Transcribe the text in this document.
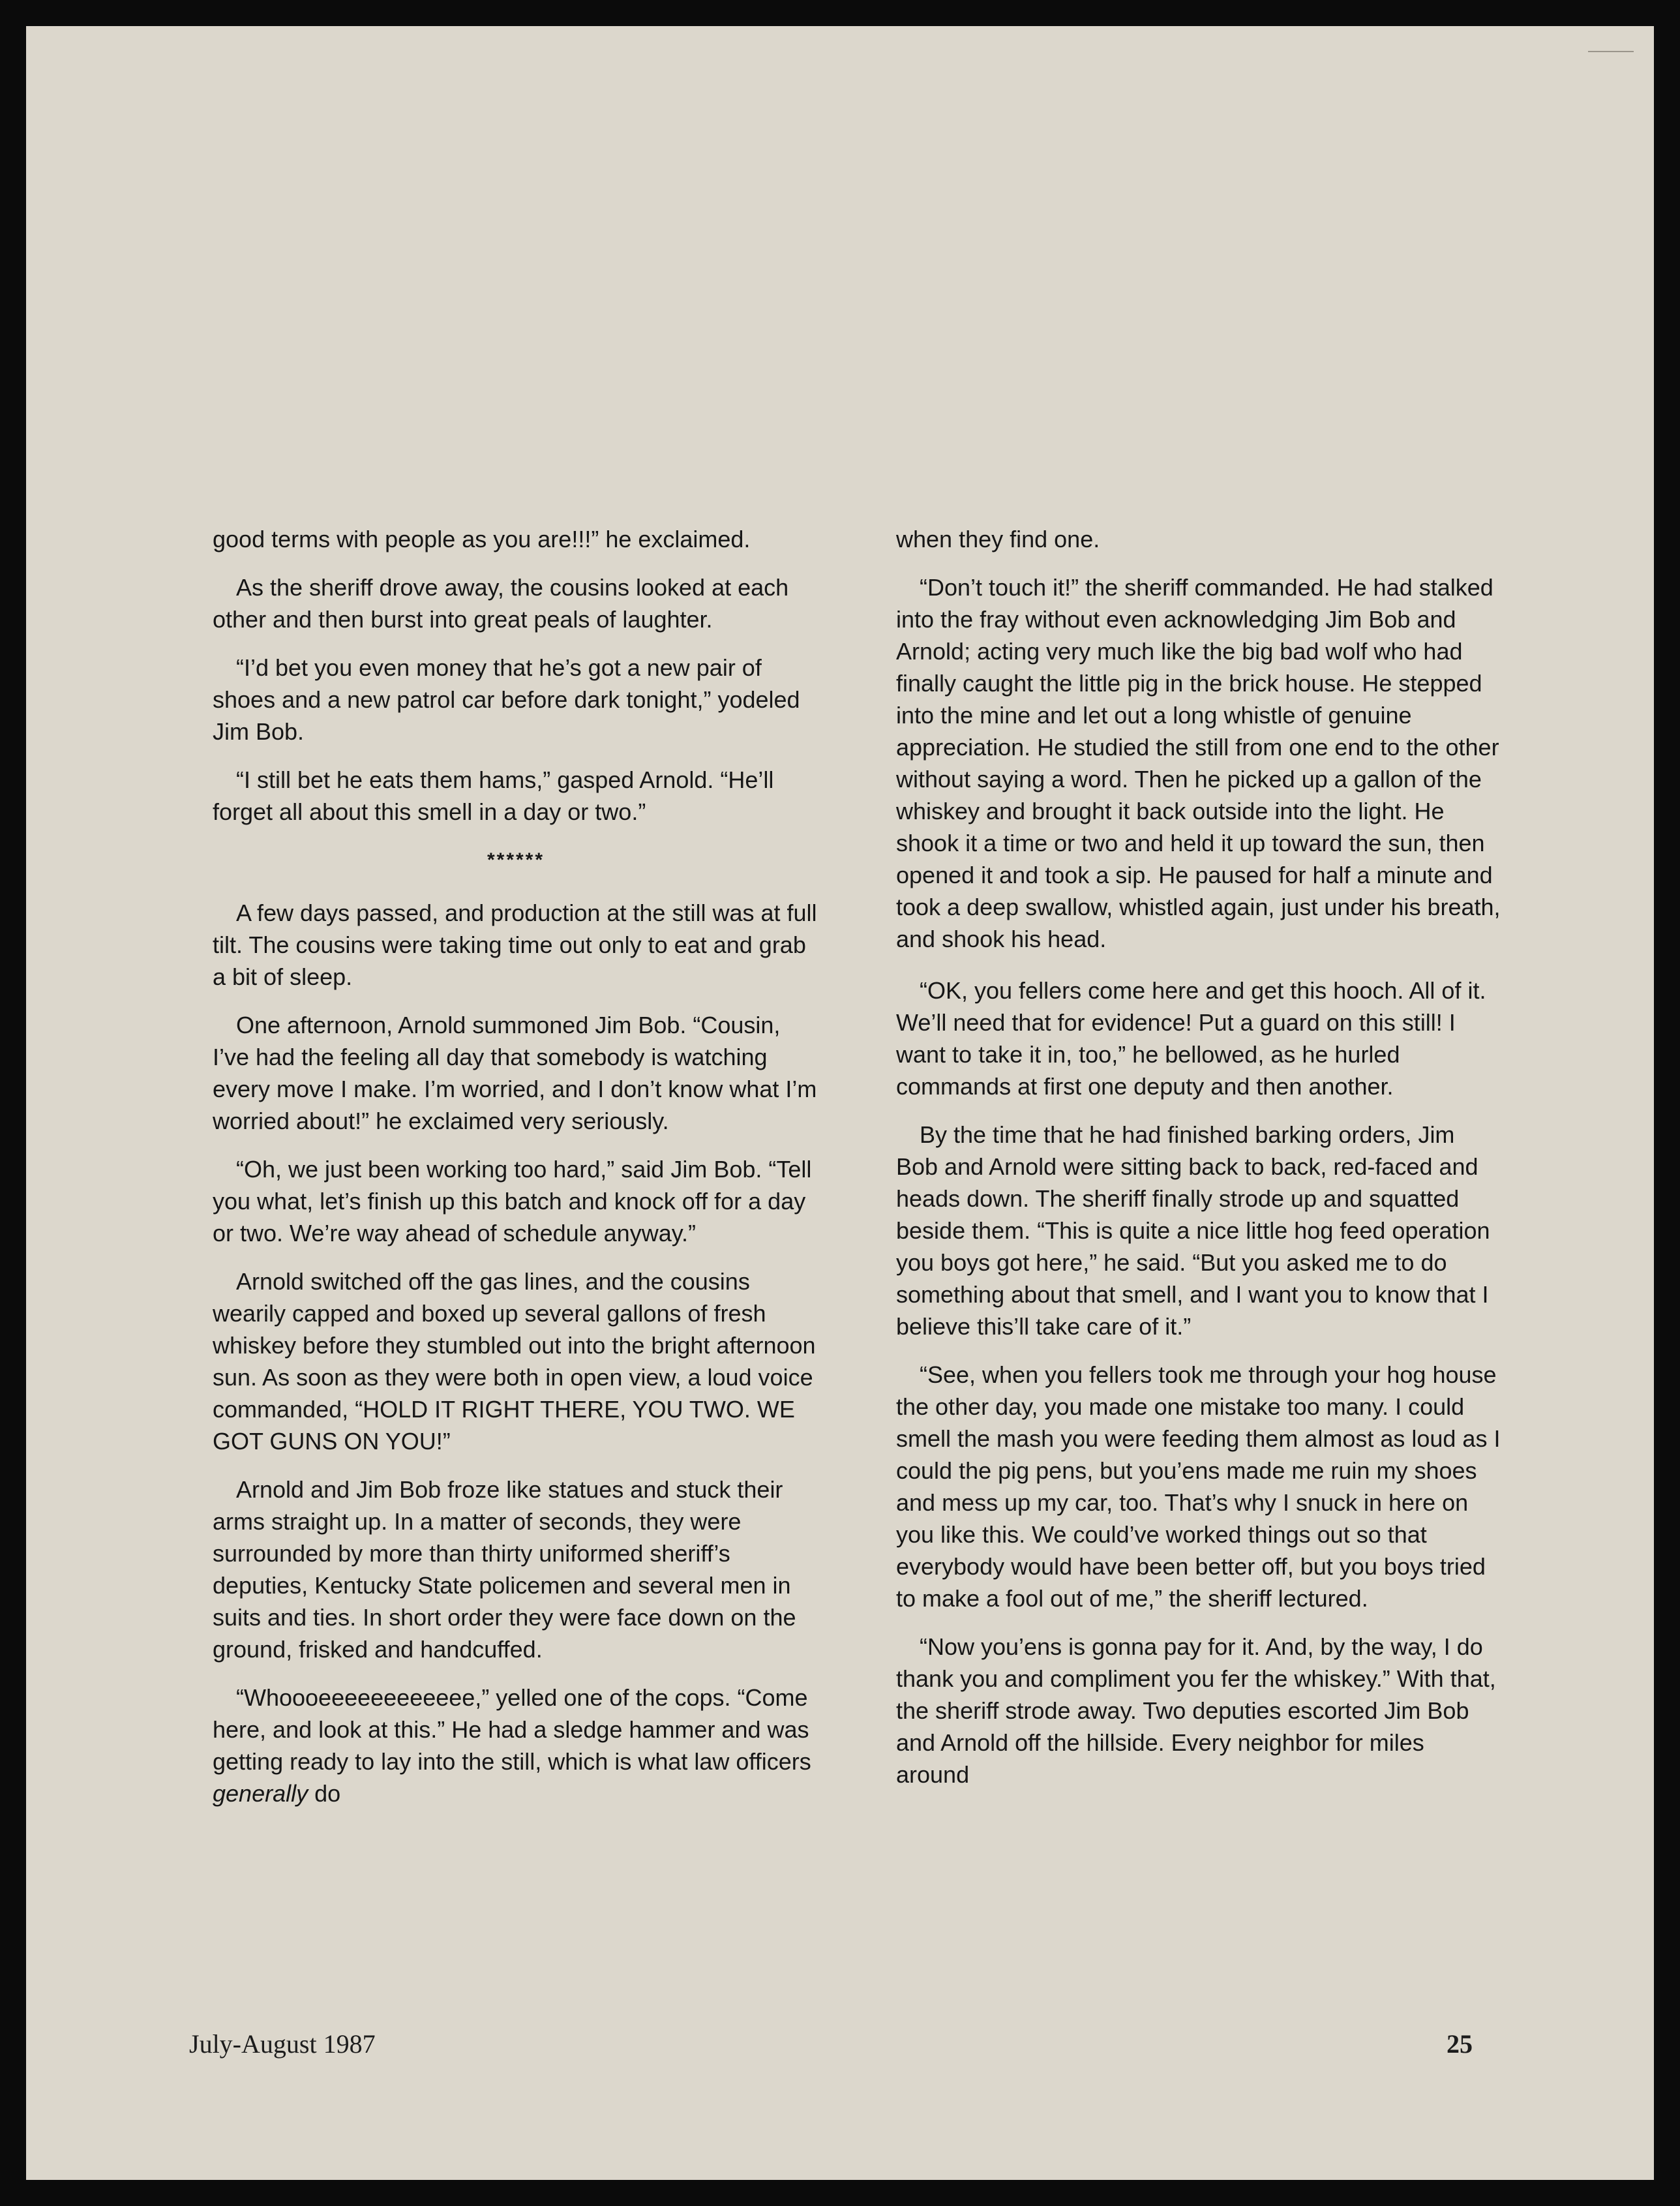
good terms with people as you are!!!” he exclaimed.

As the sheriff drove away, the cousins looked at each other and then burst into great peals of laughter.

“I’d bet you even money that he’s got a new pair of shoes and a new patrol car before dark tonight,” yodeled Jim Bob.

“I still bet he eats them hams,” gasped Arnold. “He’ll forget all about this smell in a day or two.”

******

A few days passed, and production at the still was at full tilt. The cousins were taking time out only to eat and grab a bit of sleep.

One afternoon, Arnold summoned Jim Bob. “Cousin, I’ve had the feeling all day that somebody is watching every move I make. I’m worried, and I don’t know what I’m worried about!” he exclaimed very seriously.

“Oh, we just been working too hard,” said Jim Bob. “Tell you what, let’s finish up this batch and knock off for a day or two. We’re way ahead of schedule anyway.”

Arnold switched off the gas lines, and the cousins wearily capped and boxed up several gallons of fresh whiskey before they stumbled out into the bright afternoon sun. As soon as they were both in open view, a loud voice commanded, “HOLD IT RIGHT THERE, YOU TWO. WE GOT GUNS ON YOU!”

Arnold and Jim Bob froze like statues and stuck their arms straight up. In a matter of seconds, they were surrounded by more than thirty uniformed sheriff’s deputies, Kentucky State policemen and several men in suits and ties. In short order they were face down on the ground, frisked and handcuffed.

“Whoooeeeeeeeeeeee,” yelled one of the cops. “Come here, and look at this.” He had a sledge hammer and was getting ready to lay into the still, which is what law officers generally do

when they find one.

“Don’t touch it!” the sheriff commanded. He had stalked into the fray without even acknowledging Jim Bob and Arnold; acting very much like the big bad wolf who had finally caught the little pig in the brick house. He stepped into the mine and let out a long whistle of genuine appreciation. He studied the still from one end to the other without saying a word. Then he picked up a gallon of the whiskey and brought it back outside into the light. He shook it a time or two and held it up toward the sun, then opened it and took a sip. He paused for half a minute and took a deep swallow, whistled again, just under his breath, and shook his head.

“OK, you fellers come here and get this hooch. All of it. We’ll need that for evidence! Put a guard on this still! I want to take it in, too,” he bellowed, as he hurled commands at first one deputy and then another.

By the time that he had finished barking orders, Jim Bob and Arnold were sitting back to back, red-faced and heads down. The sheriff finally strode up and squatted beside them. “This is quite a nice little hog feed operation you boys got here,” he said. “But you asked me to do something about that smell, and I want you to know that I believe this’ll take care of it.”

“See, when you fellers took me through your hog house the other day, you made one mistake too many. I could smell the mash you were feeding them almost as loud as I could the pig pens, but you’ens made me ruin my shoes and mess up my car, too. That’s why I snuck in here on you like this. We could’ve worked things out so that everybody would have been better off, but you boys tried to make a fool out of me,” the sheriff lectured.

“Now you’ens is gonna pay for it. And, by the way, I do thank you and compliment you fer the whiskey.” With that, the sheriff strode away. Two deputies escorted Jim Bob and Arnold off the hillside. Every neighbor for miles around

July-August 1987	25
